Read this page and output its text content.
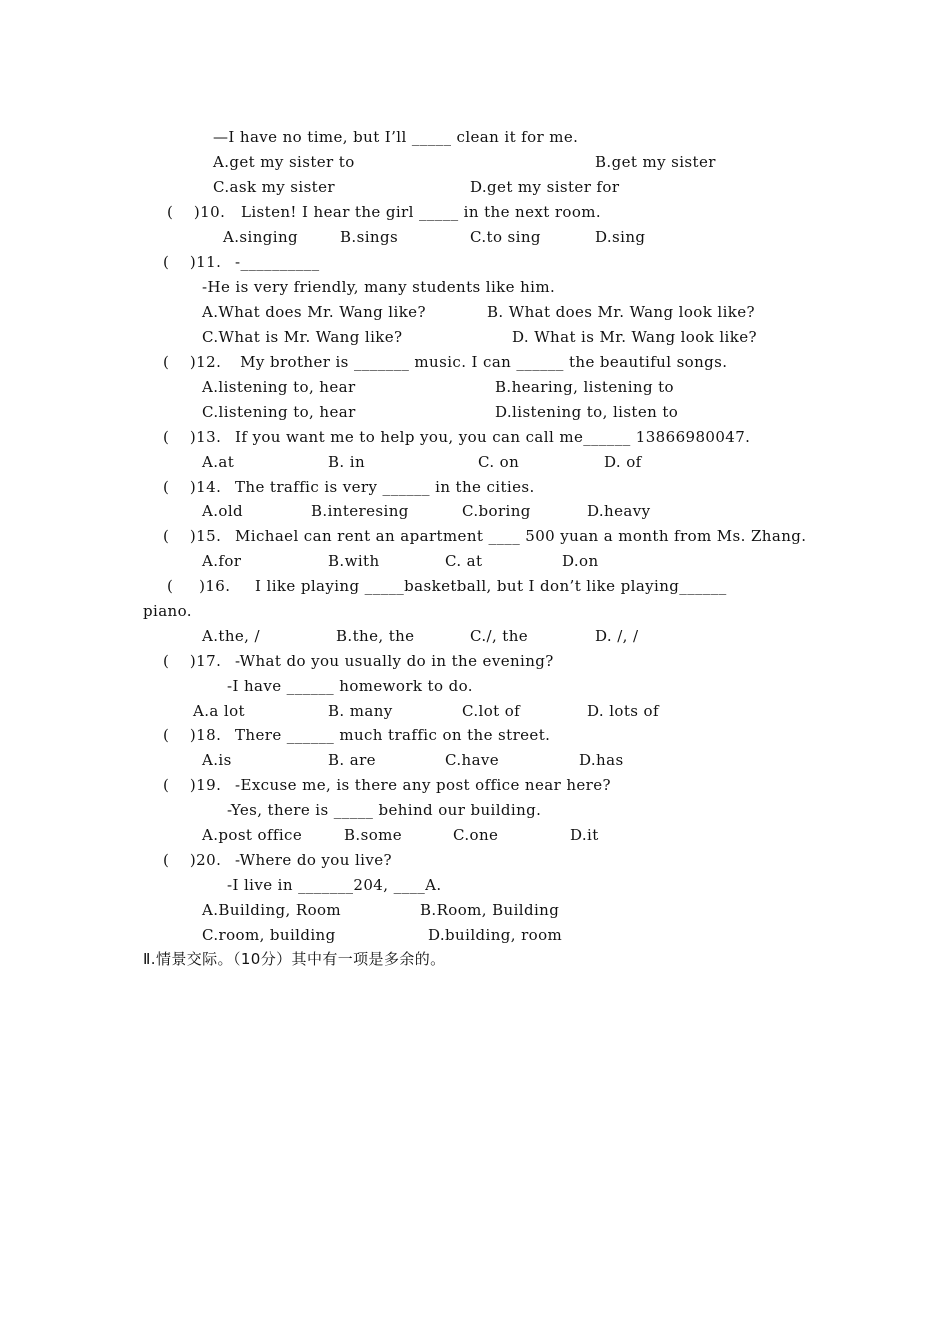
—I have no time, but I’ll _____ clean it for me.
A.get my sister to	B.get my sister
C.ask my sister	D.get my sister for
(    )10. Listen! I hear the girl _____ in the next room.
A.singing	B.sings	C.to sing	D.sing
(    )11. -__________
-He is very friendly, many students like him.
A.What does Mr. Wang like?	B. What does Mr. Wang look like?
C.What is Mr. Wang like?	D. What is Mr. Wang look like?
(    )12. My brother is _______ music. I can ______ the beautiful songs.
A.listening to, hear	B.hearing, listening to
C.listening to, hear	D.listening to, listen to
(    )13. If you want me to help you, you can call me______ 13866980047.
A.at	B. in	C. on	D. of
(    )14. The traffic is very ______ in the cities.
A.old	B.interesing	C.boring	D.heavy
(    )15. Michael can rent an apartment ____ 500 yuan a month from Ms. Zhang.
A.for	B.with	C. at	D.on
(     )16. I like playing _____basketball, but I don’t like playing______
piano.
A.the, /	B.the, the	C./, the	D. /, /
(    )17. -What do you usually do in the evening?
-I have ______ homework to do.
A.a lot	B. many	C.lot of	D. lots of
(    )18. There ______ much traffic on the street.
A.is	B. are	C.have	D.has
(    )19. -Excuse me, is there any post office near here?
-Yes, there is _____ behind our building.
A.post office	B.some	C.one	D.it
(    )20. -Where do you live?
-I live in _______204, ____A.
A.Building, Room	B.Room, Building
C.room, building	D.building, room
Ⅱ.情景交际。（10分）其中有一项是多余的。
